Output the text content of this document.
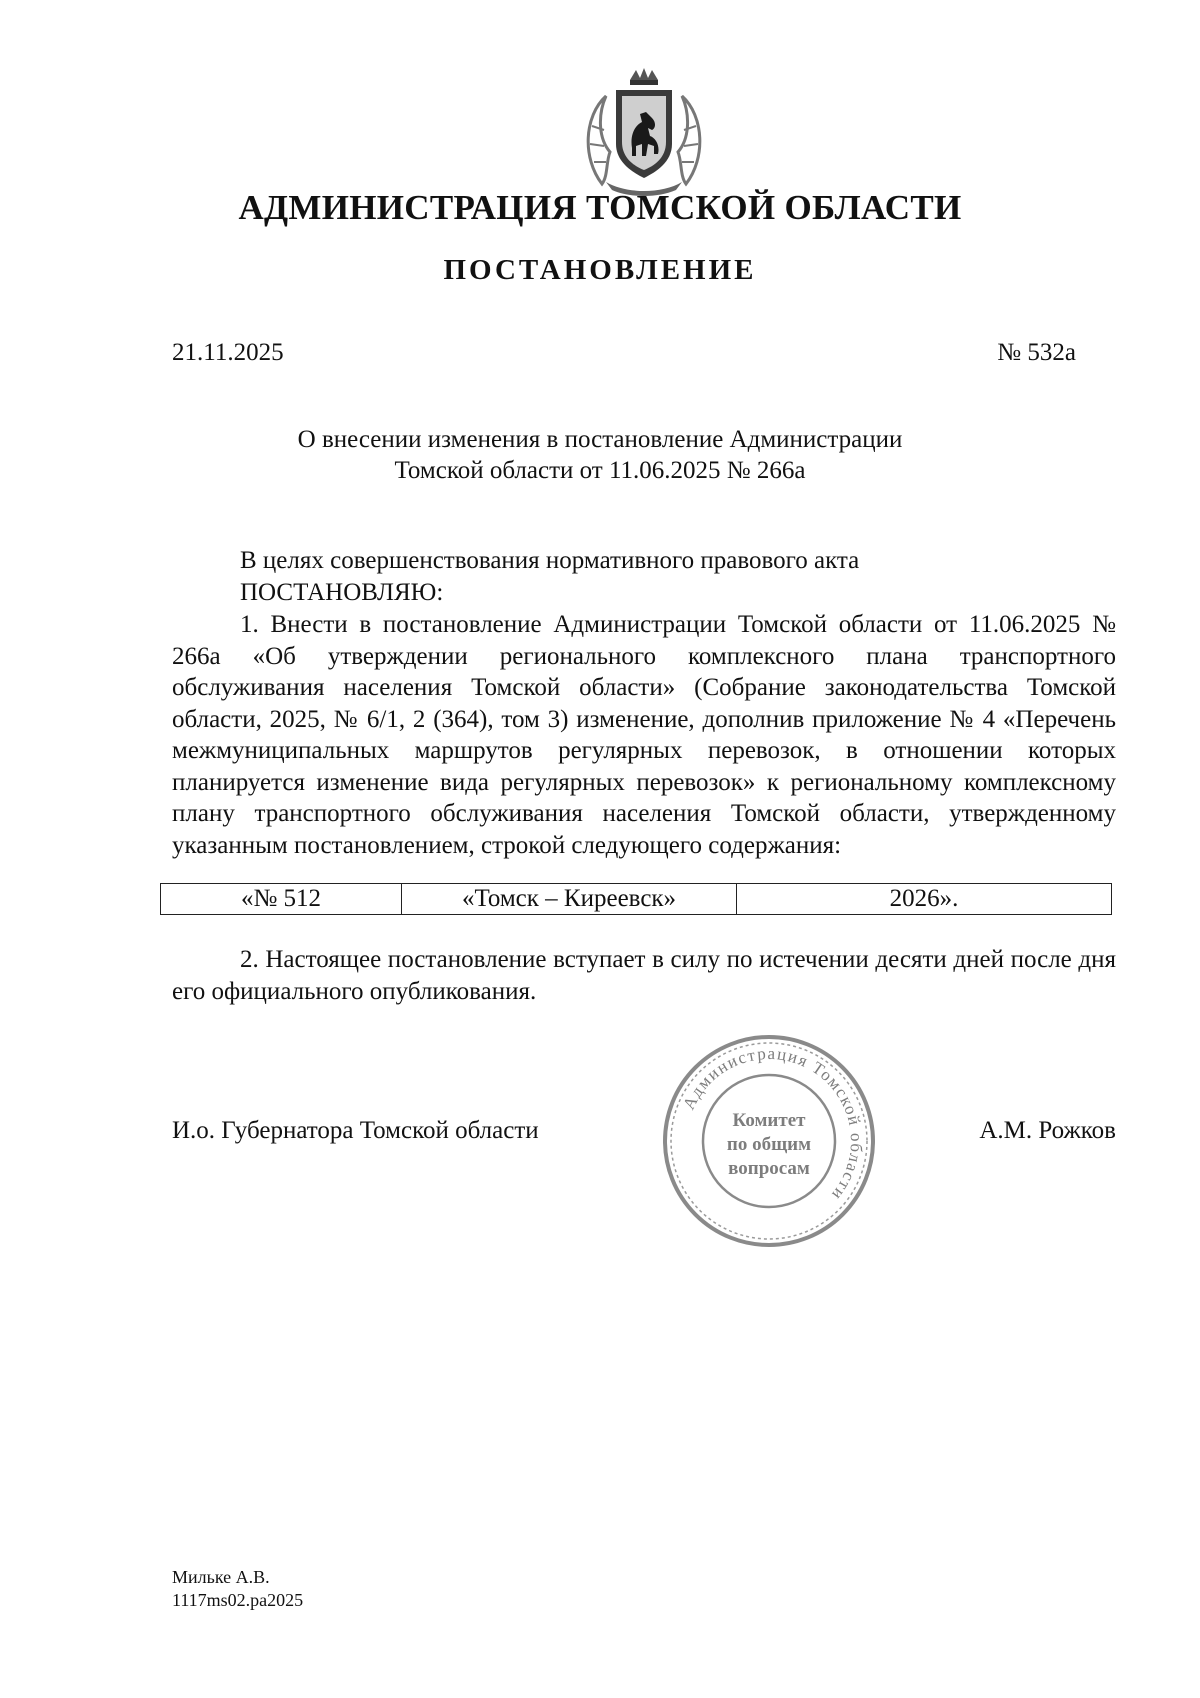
АДМИНИСТРАЦИЯ ТОМСКОЙ ОБЛАСТИ
ПОСТАНОВЛЕНИЕ
21.11.2025	№ 532а
О внесении изменения в постановление Администрации
Томской области от 11.06.2025 № 266а
В целях совершенствования нормативного правового акта
ПОСТАНОВЛЯЮ:
1. Внести в постановление Администрации Томской области от 11.06.2025 № 266а «Об утверждении регионального комплексного плана транспортного обслуживания населения Томской области» (Собрание законодательства Томской области, 2025, № 6/1, 2 (364), том 3) изменение, дополнив приложение № 4 «Перечень межмуниципальных маршрутов регулярных перевозок, в отношении которых планируется изменение вида регулярных перевозок» к региональному комплексному плану транспортного обслуживания населения Томской области, утвержденному указанным постановлением, строкой следующего содержания:
«№ 512	«Томск – Киреевск»	2026».
2. Настоящее постановление вступает в силу по истечении десяти дней после дня его официального опубликования.
И.о. Губернатора Томской области	А.М. Рожков
Администрация Томской области
Комитет
по общим
вопросам
Мильке А.В.
1117ms02.pa2025
